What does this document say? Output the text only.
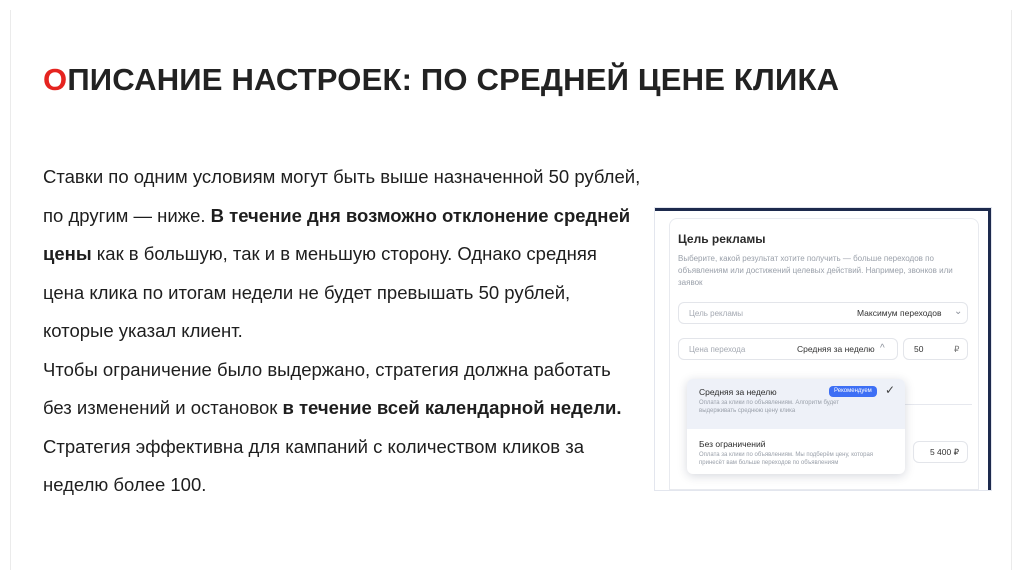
ОПИСАНИЕ НАСТРОЕК: ПО СРЕДНЕЙ ЦЕНЕ КЛИКА

Ставки по одним условиям могут быть выше назначенной 50 рублей, по другим — ниже. В течение дня возможно отклонение средней цены как в большую, так и в меньшую сторону. Однако средняя цена клика по итогам недели не будет превышать 50 рублей, которые указал клиент.

Чтобы ограничение было выдержано, стратегия должна работать без изменений и остановок в течение всей календарной недели.

Стратегия эффективна для кампаний с количеством кликов за неделю более 100.

Цель рекламы
Выберите, какой результат хотите получить — больше переходов по объявлениям или достижений целевых действий. Например, звонков или заявок
Цель рекламы	Максимум переходов ⌄
Цена перехода	Средняя за неделю ^	50	₽
Средняя за неделю	Рекомендуем	✓
Оплата за клики по объявлениям. Алгоритм будет выдерживать среднюю цену клика
Без ограничений
Оплата за клики по объявлениям. Мы подберём цену, которая принесёт вам больше переходов по объявлениям
5 400 ₽
